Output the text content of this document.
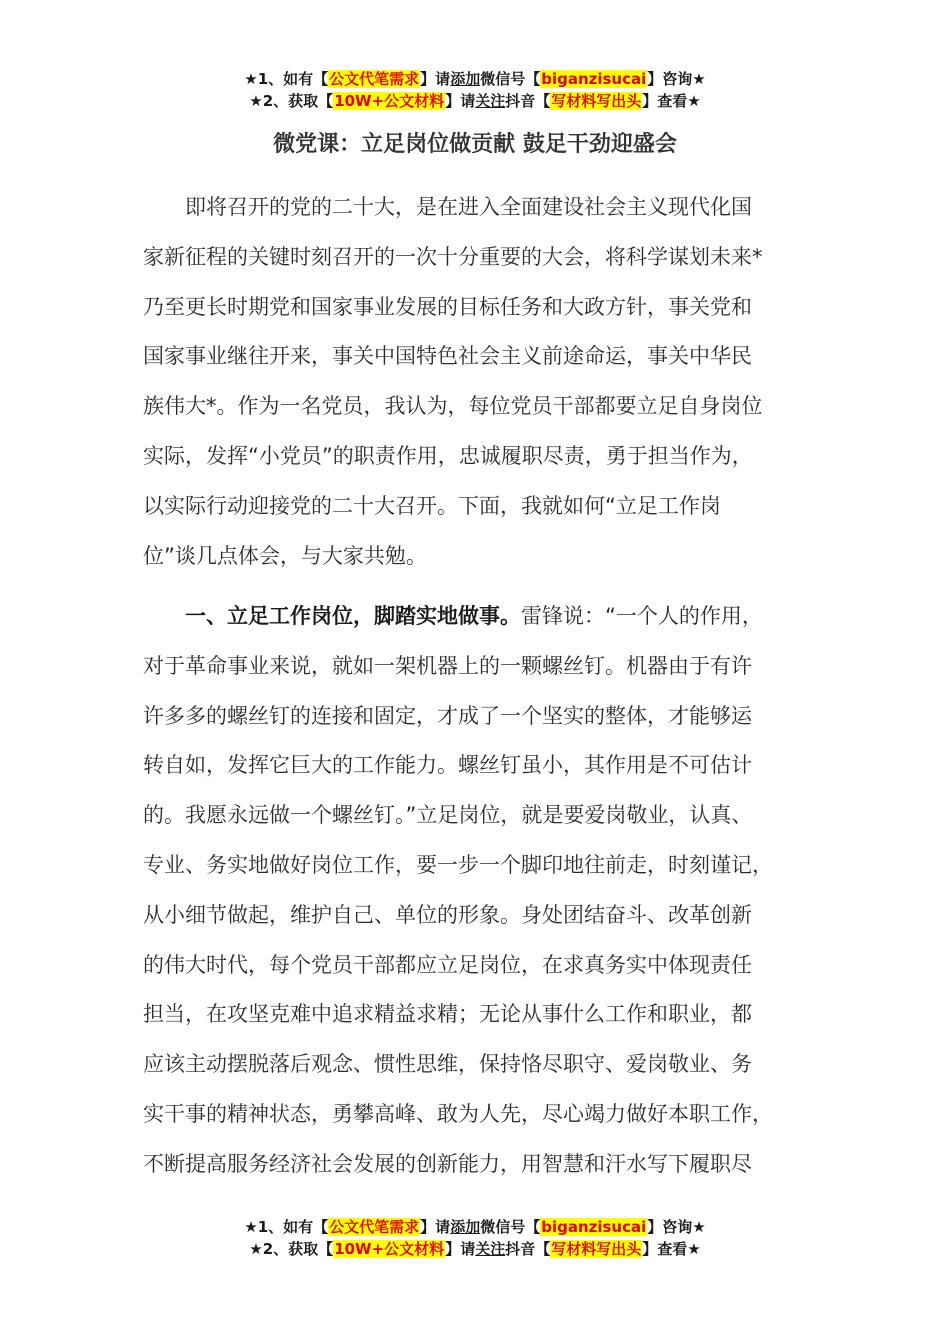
★1、如有【公文代笔需求】请添加微信号【biganzisucai】咨询★
★2、获取【10W+公文材料】请关注抖音【写材料写出头】查看★
微党课：立足岗位做贡献 鼓足干劲迎盛会
即将召开的党的二十大，是在进入全面建设社会主义现代化国
家新征程的关键时刻召开的一次十分重要的大会，将科学谋划未来*
乃至更长时期党和国家事业发展的目标任务和大政方针，事关党和
国家事业继往开来，事关中国特色社会主义前途命运，事关中华民
族伟大*。作为一名党员，我认为，每位党员干部都要立足自身岗位
实际，发挥“小党员”的职责作用，忠诚履职尽责，勇于担当作为，
以实际行动迎接党的二十大召开。下面，我就如何“立足工作岗
位”谈几点体会，与大家共勉。
一、立足工作岗位，脚踏实地做事。雷锋说：“一个人的作用，
对于革命事业来说，就如一架机器上的一颗螺丝钉。机器由于有许
许多多的螺丝钉的连接和固定，才成了一个坚实的整体，才能够运
转自如，发挥它巨大的工作能力。螺丝钉虽小，其作用是不可估计
的。我愿永远做一个螺丝钉。”立足岗位，就是要爱岗敬业，认真、
专业、务实地做好岗位工作，要一步一个脚印地往前走，时刻谨记，
从小细节做起，维护自己、单位的形象。身处团结奋斗、改革创新
的伟大时代，每个党员干部都应立足岗位，在求真务实中体现责任
担当，在攻坚克难中追求精益求精；无论从事什么工作和职业，都
应该主动摆脱落后观念、惯性思维，保持恪尽职守、爱岗敬业、务
实干事的精神状态，勇攀高峰、敢为人先，尽心竭力做好本职工作，
不断提高服务经济社会发展的创新能力，用智慧和汗水写下履职尽
★1、如有【公文代笔需求】请添加微信号【biganzisucai】咨询★
★2、获取【10W+公文材料】请关注抖音【写材料写出头】查看★
